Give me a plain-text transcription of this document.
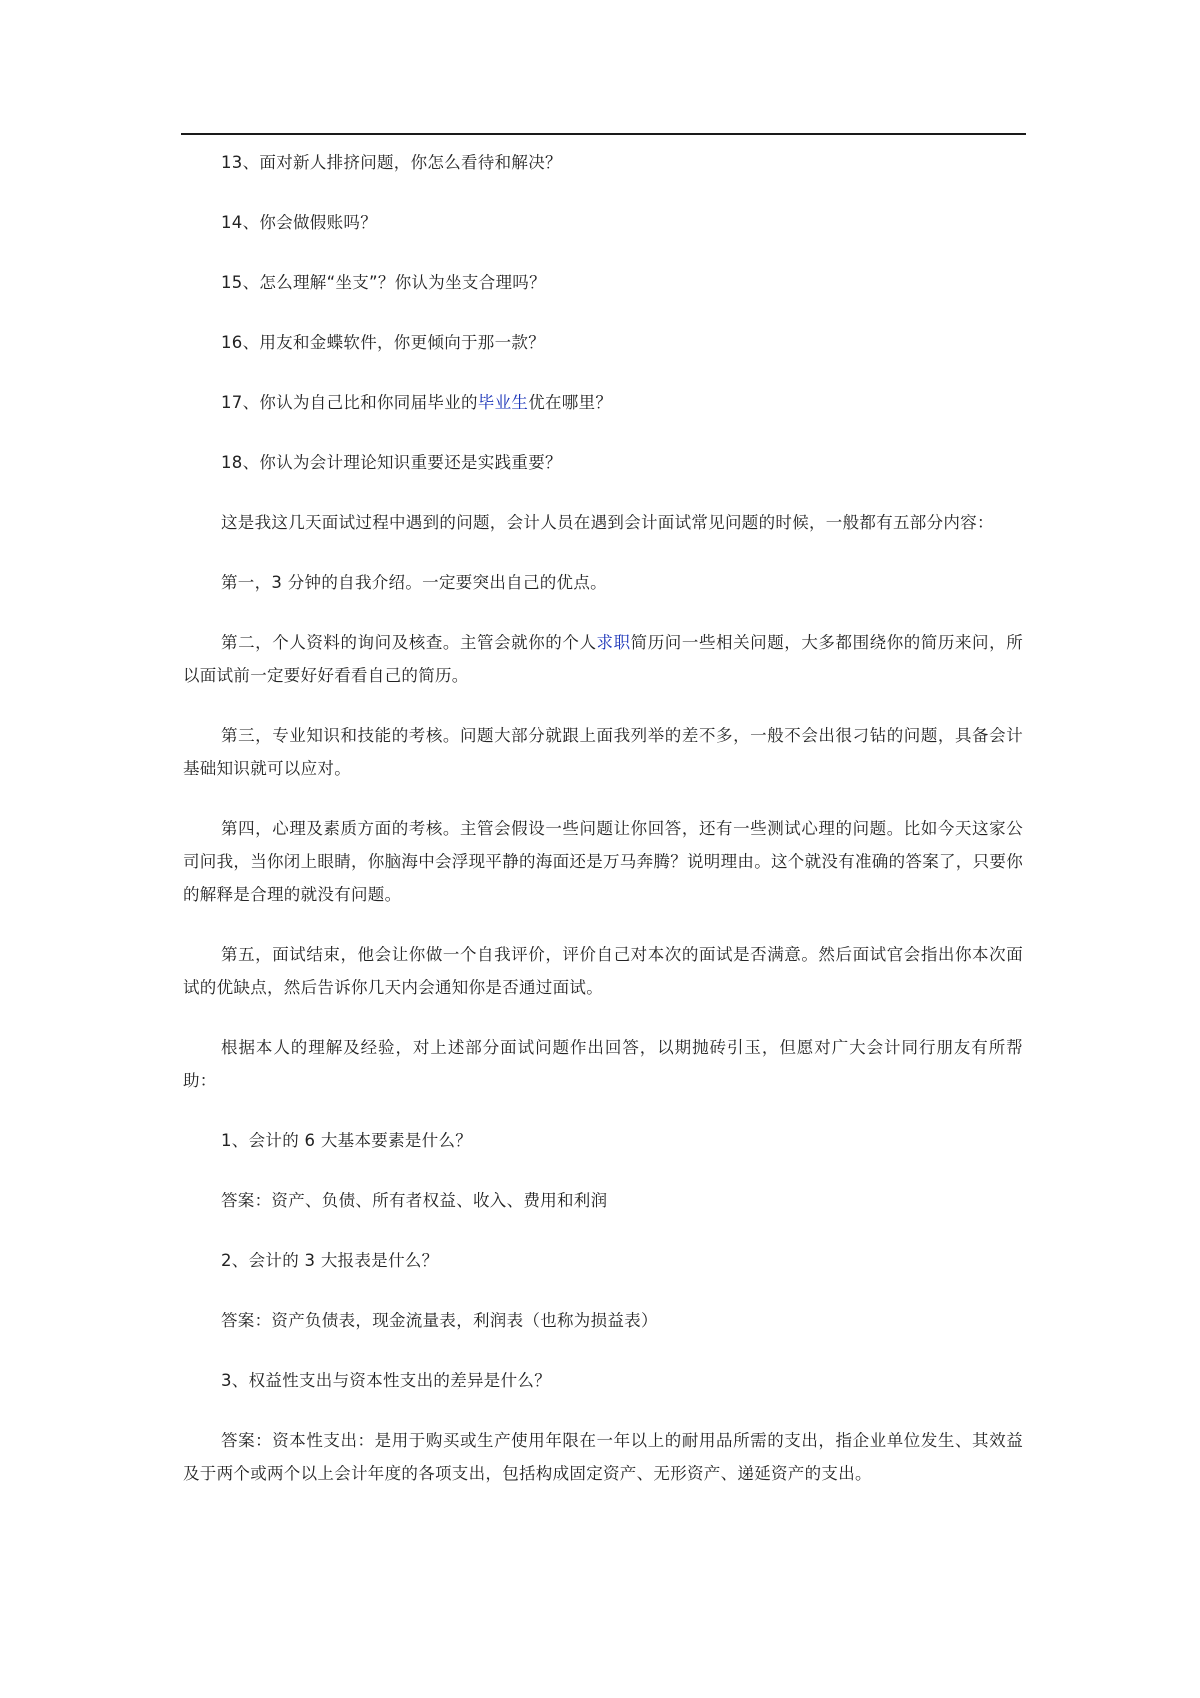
13、面对新人排挤问题，你怎么看待和解决？

14、你会做假账吗？

15、怎么理解“坐支”？你认为坐支合理吗？

16、用友和金蝶软件，你更倾向于那一款？

17、你认为自己比和你同届毕业的毕业生优在哪里？

18、你认为会计理论知识重要还是实践重要？

这是我这几天面试过程中遇到的问题，会计人员在遇到会计面试常见问题的时候，一般都有五部分内容：

第一，3 分钟的自我介绍。一定要突出自己的优点。

第二，个人资料的询问及核查。主管会就你的个人求职简历问一些相关问题，大多都围绕你的简历来问，所以面试前一定要好好看看自己的简历。

第三，专业知识和技能的考核。问题大部分就跟上面我列举的差不多，一般不会出很刁钻的问题，具备会计基础知识就可以应对。

第四，心理及素质方面的考核。主管会假设一些问题让你回答，还有一些测试心理的问题。比如今天这家公司问我，当你闭上眼睛，你脑海中会浮现平静的海面还是万马奔腾？说明理由。这个就没有准确的答案了，只要你的解释是合理的就没有问题。

第五，面试结束，他会让你做一个自我评价，评价自己对本次的面试是否满意。然后面试官会指出你本次面试的优缺点，然后告诉你几天内会通知你是否通过面试。

根据本人的理解及经验，对上述部分面试问题作出回答，以期抛砖引玉，但愿对广大会计同行朋友有所帮助：

1、会计的 6 大基本要素是什么？

答案：资产、负债、所有者权益、收入、费用和利润

2、会计的 3 大报表是什么？

答案：资产负债表，现金流量表，利润表（也称为损益表）

3、权益性支出与资本性支出的差异是什么？

答案：资本性支出：是用于购买或生产使用年限在一年以上的耐用品所需的支出，指企业单位发生、其效益及于两个或两个以上会计年度的各项支出，包括构成固定资产、无形资产、递延资产的支出。
